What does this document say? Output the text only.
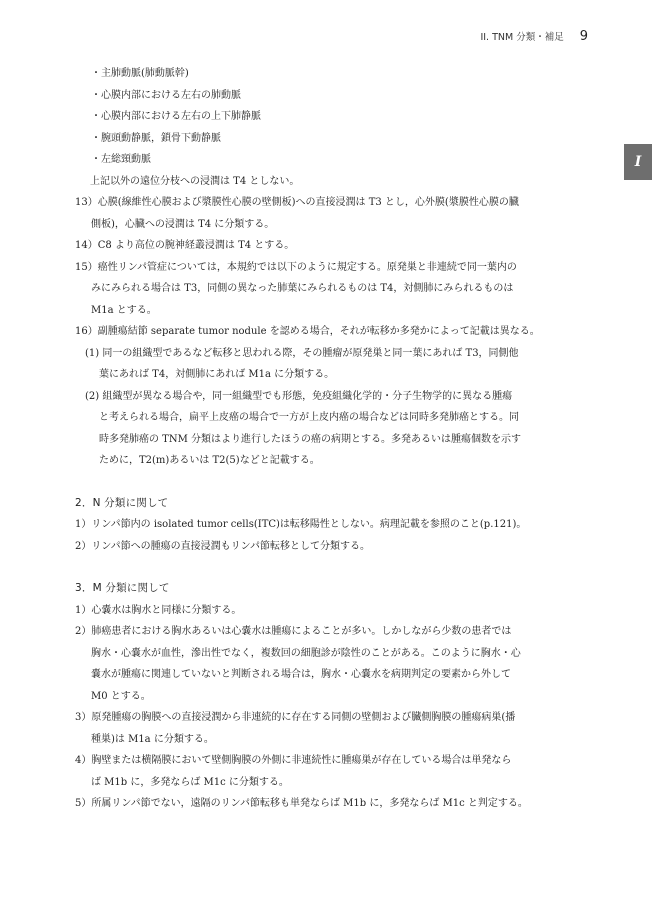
II. TNM 分類・補足 9
I
・主肺動脈(肺動脈幹)
・心膜内部における左右の肺動脈
・心膜内部における左右の上下肺静脈
・腕頭動静脈，鎖骨下動静脈
・左総頸動脈
上記以外の遠位分枝への浸潤は T4 としない。
13）心膜(線維性心膜および漿膜性心膜の壁側板)への直接浸潤は T3 とし，心外膜(漿膜性心膜の臓
側板)，心臓への浸潤は T4 に分類する。
14）C8 より高位の腕神経叢浸潤は T4 とする。
15）癌性リンパ管症については，本規約では以下のように規定する。原発巣と非連続で同一葉内の
みにみられる場合は T3，同側の異なった肺葉にみられるものは T4，対側肺にみられるものは
M1a とする。
16）副腫瘍結節 separate tumor nodule を認める場合，それが転移か多発かによって記載は異なる。
(1) 同一の組織型であるなど転移と思われる際，その腫瘤が原発巣と同一葉にあれば T3，同側他
葉にあれば T4，対側肺にあれば M1a に分類する。
(2) 組織型が異なる場合や，同一組織型でも形態，免疫組織化学的・分子生物学的に異なる腫瘍
と考えられる場合，扁平上皮癌の場合で一方が上皮内癌の場合などは同時多発肺癌とする。同
時多発肺癌の TNM 分類はより進行したほうの癌の病期とする。多発あるいは腫瘍個数を示す
ために，T2(m)あるいは T2(5)などと記載する。
2．N 分類に関して
1）リンパ節内の isolated tumor cells(ITC)は転移陽性としない。病理記載を参照のこと(p.121)。
2）リンパ節への腫瘍の直接浸潤もリンパ節転移として分類する。
3．M 分類に関して
1）心嚢水は胸水と同様に分類する。
2）肺癌患者における胸水あるいは心嚢水は腫瘍によることが多い。しかしながら少数の患者では
胸水・心嚢水が血性，滲出性でなく，複数回の細胞診が陰性のことがある。このように胸水・心
嚢水が腫瘍に関連していないと判断される場合は，胸水・心嚢水を病期判定の要素から外して
M0 とする。
3）原発腫瘍の胸膜への直接浸潤から非連続的に存在する同側の壁側および臓側胸膜の腫瘍病巣(播
種巣)は M1a に分類する。
4）胸壁または横隔膜において壁側胸膜の外側に非連続性に腫瘍巣が存在している場合は単発なら
ば M1b に，多発ならば M1c に分類する。
5）所属リンパ節でない，遠隔のリンパ節転移も単発ならば M1b に，多発ならば M1c と判定する。
